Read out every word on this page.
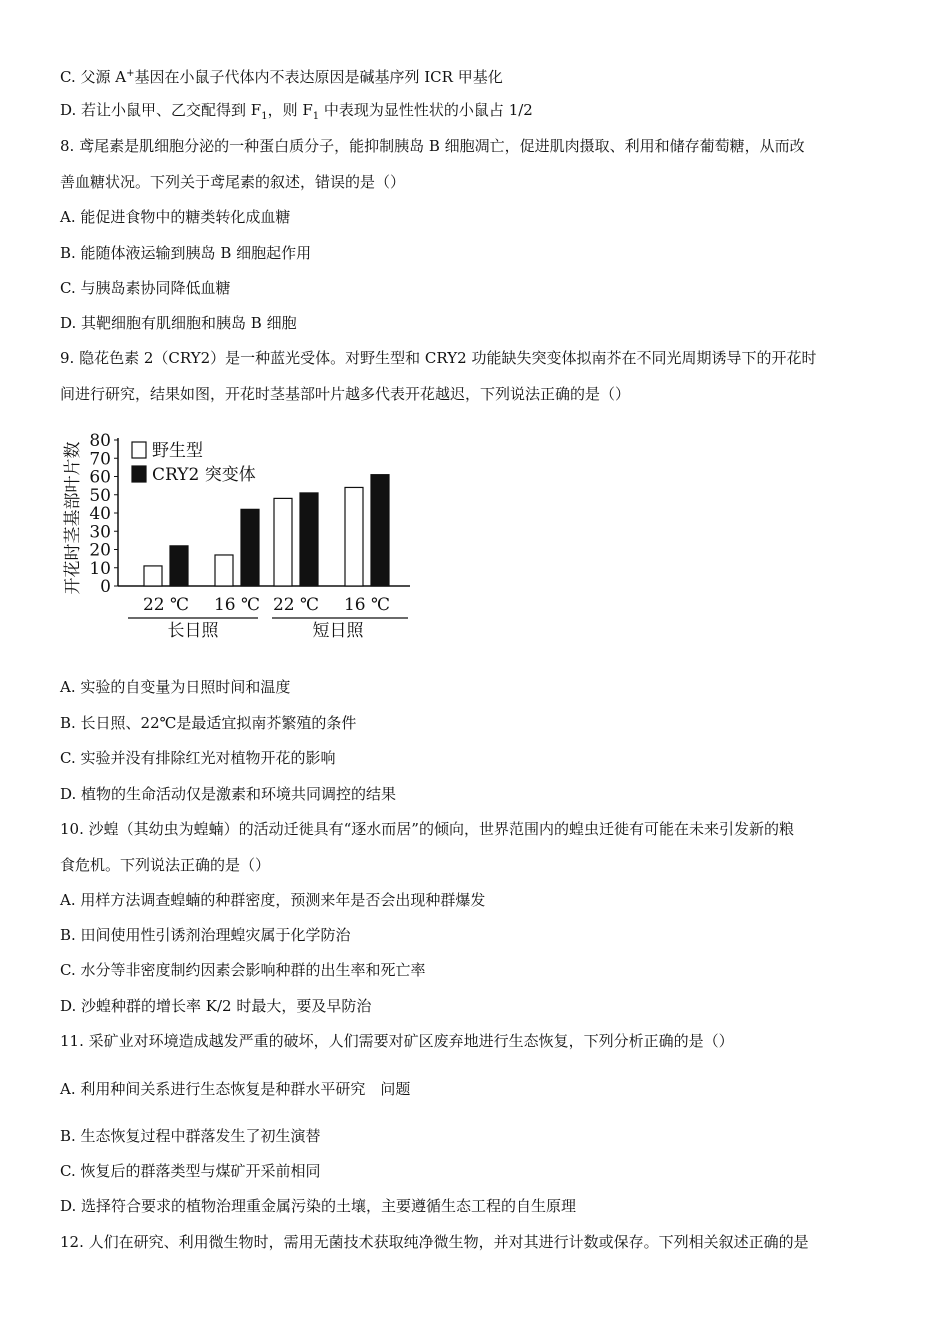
C. 父源 A+基因在小鼠子代体内不表达原因是碱基序列 ICR 甲基化
D. 若让小鼠甲、乙交配得到 $F_1$，则 $F_1$ 中表现为显性性状的小鼠占 1/2
8. 鸢尾素是肌细胞分泌的一种蛋白质分子，能抑制胰岛 B 细胞凋亡，促进肌肉摄取、利用和储存葡萄糖，从而改
善血糖状况。下列关于鸢尾素的叙述，错误的是（）
A. 能促进食物中的糖类转化成血糖
B. 能随体液运输到胰岛 B 细胞起作用
C. 与胰岛素协同降低血糖
D. 其靶细胞有肌细胞和胰岛 B 细胞
9. 隐花色素 2（CRY2）是一种蓝光受体。对野生型和 CRY2 功能缺失突变体拟南芥在不同光周期诱导下的开花时
间进行研究，结果如图，开花时茎基部叶片越多代表开花越迟，下列说法正确的是（）
A. 实验的自变量为日照时间和温度
B. 长日照、22℃是最适宜拟南芥繁殖的条件
C. 实验并没有排除红光对植物开花的影响
D. 植物的生命活动仅是激素和环境共同调控的结果
10. 沙蝗（其幼虫为蝗蝻）的活动迁徙具有“逐水而居”的倾向，世界范围内的蝗虫迁徙有可能在未来引发新的粮
食危机。下列说法正确的是（）
A. 用样方法调查蝗蝻的种群密度，预测来年是否会出现种群爆发
B. 田间使用性引诱剂治理蝗灾属于化学防治
C. 水分等非密度制约因素会影响种群的出生率和死亡率
D. 沙蝗种群的增长率 K/2 时最大，要及早防治
11. 采矿业对环境造成越发严重的破坏，人们需要对矿区废弃地进行生态恢复，下列分析正确的是（）
A. 利用种间关系进行生态恢复是种群水平研究　问题
B. 生态恢复过程中群落发生了初生演替
C. 恢复后的群落类型与煤矿开采前相同
D. 选择符合要求的植物治理重金属污染的土壤，主要遵循生态工程的自生原理
12. 人们在研究、利用微生物时，需用无菌技术获取纯净微生物，并对其进行计数或保存。下列相关叙述正确的是
0
10
20
30
40
50
60
70
80
开花时茎基部叶片数
22 ℃ 16 ℃ 22 ℃ 16 ℃
长日照	短日照
野生型
CRY2 突变体
